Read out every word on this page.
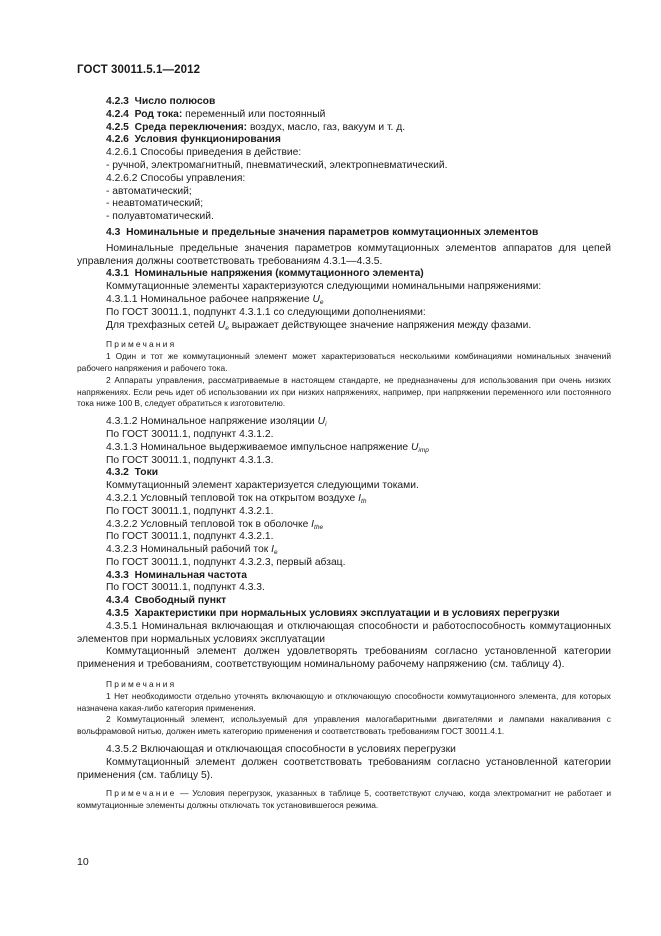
ГОСТ 30011.5.1—2012

4.2.3 Число полюсов

4.2.4 Род тока: переменный или постоянный

4.2.5 Среда переключения: воздух, масло, газ, вакуум и т. д.

4.2.6 Условия функционирования

4.2.6.1 Способы приведения в действие:

- ручной, электромагнитный, пневматический, электропневматический.

4.2.6.2 Способы управления:

- автоматический;

- неавтоматический;

- полуавтоматический.

4.3 Номинальные и предельные значения параметров коммутационных элементов

Номинальные предельные значения параметров коммутационных элементов аппаратов для цепей управления должны соответствовать требованиям 4.3.1—4.3.5.

4.3.1 Номинальные напряжения (коммутационного элемента)

Коммутационные элементы характеризуются следующими номинальными напряжениями:

4.3.1.1 Номинальное рабочее напряжение $U_e$

По ГОСТ 30011.1, подпункт 4.3.1.1 со следующими дополнениями:

Для трехфазных сетей $U_e$ выражает действующее значение напряжения между фазами.

Примечания

1 Один и тот же коммутационный элемент может характеризоваться несколькими комбинациями номинальных значений рабочего напряжения и рабочего тока.

2 Аппараты управления, рассматриваемые в настоящем стандарте, не предназначены для использования при очень низких напряжениях. Если речь идет об использовании их при низких напряжениях, например, при напряжении переменного или постоянного тока ниже 100 В, следует обратиться к изготовителю.

4.3.1.2 Номинальное напряжение изоляции $U_i$

По ГОСТ 30011.1, подпункт 4.3.1.2.

4.3.1.3 Номинальное выдерживаемое импульсное напряжение $U_{imp}$

По ГОСТ 30011.1, подпункт 4.3.1.3.

4.3.2 Токи

Коммутационный элемент характеризуется следующими токами.

4.3.2.1 Условный тепловой ток на открытом воздухе $I_{th}$

По ГОСТ 30011.1, подпункт 4.3.2.1.

4.3.2.2 Условный тепловой ток в оболочке $I_{the}$

По ГОСТ 30011.1, подпункт 4.3.2.1.

4.3.2.3 Номинальный рабочий ток $I_e$

По ГОСТ 30011.1, подпункт 4.3.2.3, первый абзац.

4.3.3 Номинальная частота

По ГОСТ 30011.1, подпункт 4.3.3.

4.3.4 Свободный пункт

4.3.5 Характеристики при нормальных условиях эксплуатации и в условиях перегрузки

4.3.5.1 Номинальная включающая и отключающая способности и работоспособность коммутационных элементов при нормальных условиях эксплуатации

Коммутационный элемент должен удовлетворять требованиям согласно установленной категории применения и требованиям, соответствующим номинальному рабочему напряжению (см. таблицу 4).

Примечания

1 Нет необходимости отдельно уточнять включающую и отключающую способности коммутационного элемента, для которых назначена какая-либо категория применения.

2 Коммутационный элемент, используемый для управления малогабаритными двигателями и лампами накаливания с вольфрамовой нитью, должен иметь категорию применения и соответствовать требованиям ГОСТ 30011.4.1.

4.3.5.2 Включающая и отключающая способности в условиях перегрузки

Коммутационный элемент должен соответствовать требованиям согласно установленной категории применения (см. таблицу 5).

Примечание — Условия перегрузок, указанных в таблице 5, соответствуют случаю, когда электромагнит не работает и коммутационные элементы должны отключать ток установившегося режима.

10
